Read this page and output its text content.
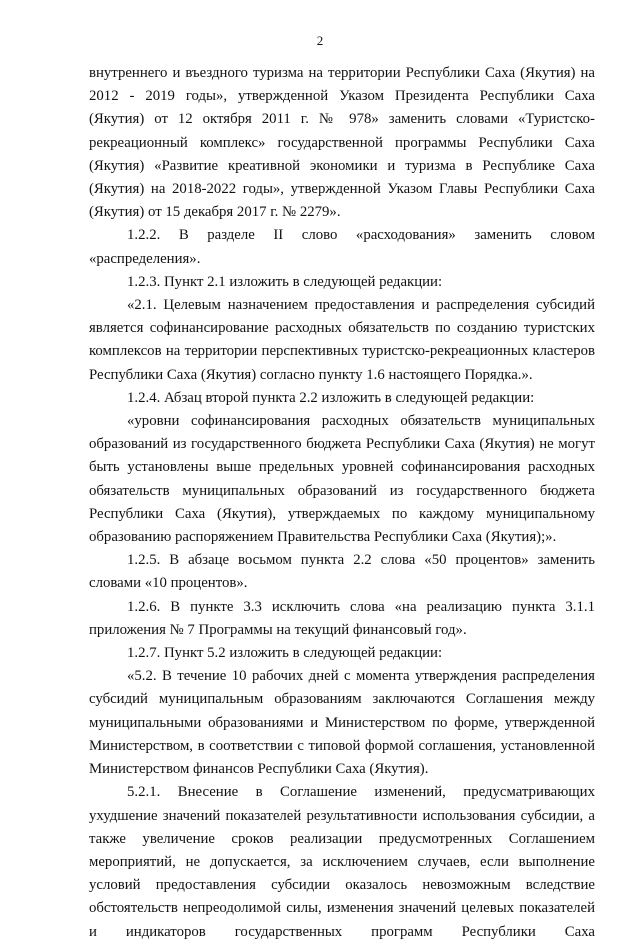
2

внутреннего и въездного туризма на территории Республики Саха (Якутия) на 2012 - 2019 годы», утвержденной Указом Президента Республики Саха (Якутия) от 12 октября 2011 г. № 978» заменить словами «Туристско-рекреационный комплекс» государственной программы Республики Саха (Якутия) «Развитие креативной экономики и туризма в Республике Саха (Якутия) на 2018-2022 годы», утвержденной Указом Главы Республики Саха (Якутия) от 15 декабря 2017 г. № 2279».

1.2.2. В разделе II слово «расходования» заменить словом «распределения».

1.2.3. Пункт 2.1 изложить в следующей редакции:

«2.1. Целевым назначением предоставления и распределения субсидий является софинансирование расходных обязательств по созданию туристских комплексов на территории перспективных туристско-рекреационных кластеров Республики Саха (Якутия) согласно пункту 1.6 настоящего Порядка.».

1.2.4. Абзац второй пункта 2.2 изложить в следующей редакции:

«уровни софинансирования расходных обязательств муниципальных образований из государственного бюджета Республики Саха (Якутия) не могут быть установлены выше предельных уровней софинансирования расходных обязательств муниципальных образований из государственного бюджета Республики Саха (Якутия), утверждаемых по каждому муниципальному образованию распоряжением Правительства Республики Саха (Якутия);».

1.2.5. В абзаце восьмом пункта 2.2 слова «50 процентов» заменить словами «10 процентов».

1.2.6. В пункте 3.3 исключить слова «на реализацию пункта 3.1.1 приложения № 7 Программы на текущий финансовый год».

1.2.7. Пункт 5.2 изложить в следующей редакции:

«5.2. В течение 10 рабочих дней с момента утверждения распределения субсидий муниципальным образованиям заключаются Соглашения между муниципальными образованиями и Министерством по форме, утвержденной Министерством, в соответствии с типовой формой соглашения, установленной Министерством финансов Республики Саха (Якутия).

5.2.1. Внесение в Соглашение изменений, предусматривающих ухудшение значений показателей результативности использования субсидии, а также увеличение сроков реализации предусмотренных Соглашением мероприятий, не допускается, за исключением случаев, если выполнение условий предоставления субсидии оказалось невозможным вследствие обстоятельств непреодолимой силы, изменения значений целевых показателей и индикаторов государственных программ Республики Саха
